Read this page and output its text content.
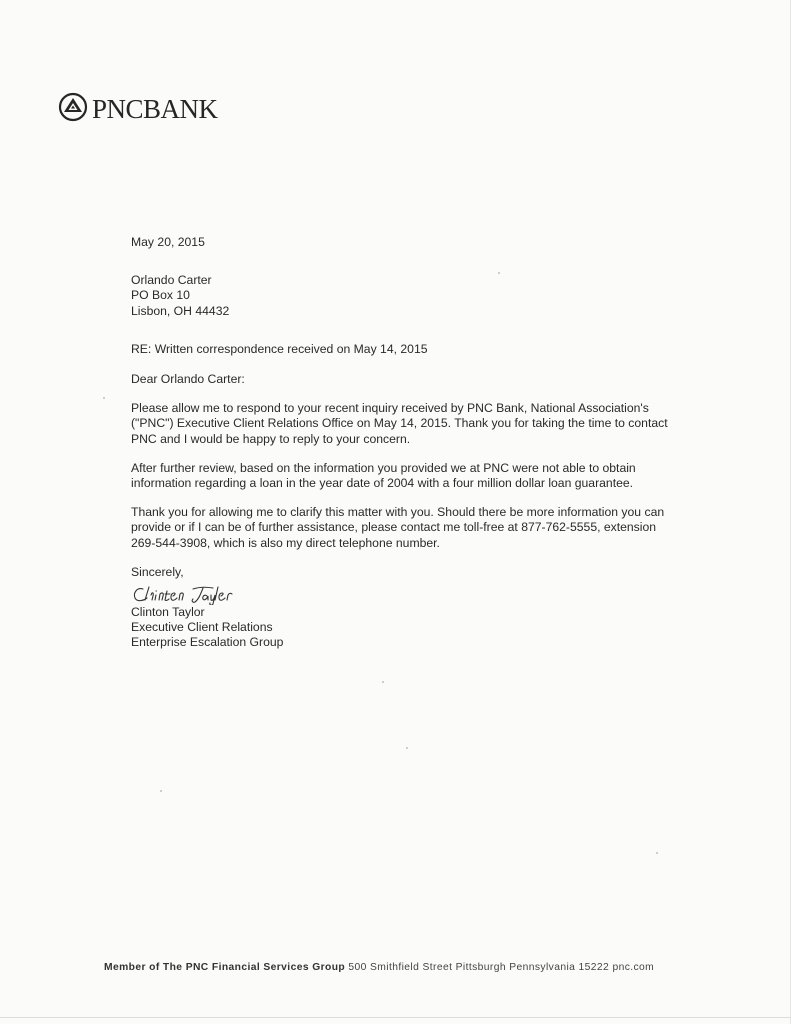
PNCBANK

May 20, 2015

Orlando Carter

PO Box 10

Lisbon, OH 44432

RE: Written correspondence received on May 14, 2015

Dear Orlando Carter:

Please allow me to respond to your recent inquiry received by PNC Bank, National Association's ("PNC") Executive Client Relations Office on May 14, 2015. Thank you for taking the time to contact PNC and I would be happy to reply to your concern.

After further review, based on the information you provided we at PNC were not able to obtain information regarding a loan in the year date of 2004 with a four million dollar loan guarantee.

Thank you for allowing me to clarify this matter with you. Should there be more information you can provide or if I can be of further assistance, please contact me toll-free at 877-762-5555, extension 269-544-3908, which is also my direct telephone number.

Sincerely,

Clinton Taylor

Executive Client Relations

Enterprise Escalation Group

Member of The PNC Financial Services Group 500 Smithfield Street Pittsburgh Pennsylvania 15222 pnc.com
